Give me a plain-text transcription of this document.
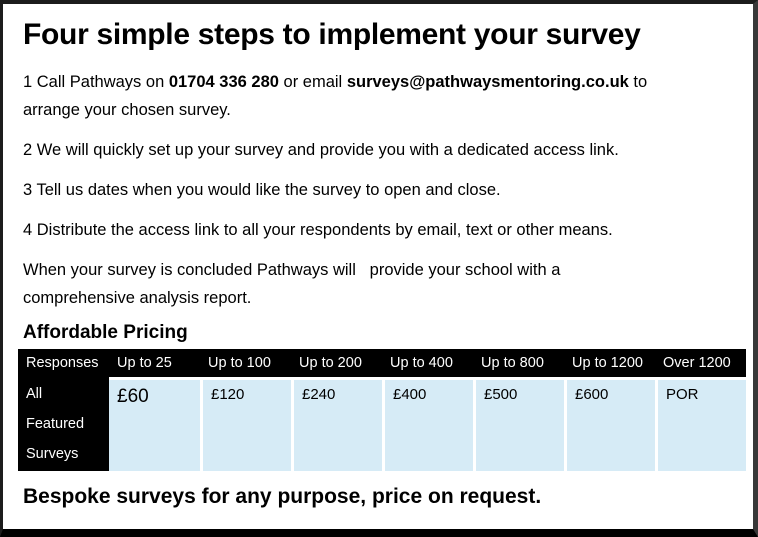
Four simple steps to implement your survey

1 Call Pathways on 01704 336 280 or email surveys@pathwaysmentoring.co.uk to
arrange your chosen survey.

2 We will quickly set up your survey and provide you with a dedicated access link.

3 Tell us dates when you would like the survey to open and close.

4 Distribute the access link to all your respondents by email, text or other means.

When your survey is concluded Pathways will   provide your school with a
comprehensive analysis report.

Affordable Pricing
Responses	Up to 25	Up to 100	Up to 200	Up to 400	Up to 800	Up to 1200	Over 1200
All Featured
Surveys	£60	£120	£240	£400	£500	£600	POR

Bespoke surveys for any purpose, price on request.
